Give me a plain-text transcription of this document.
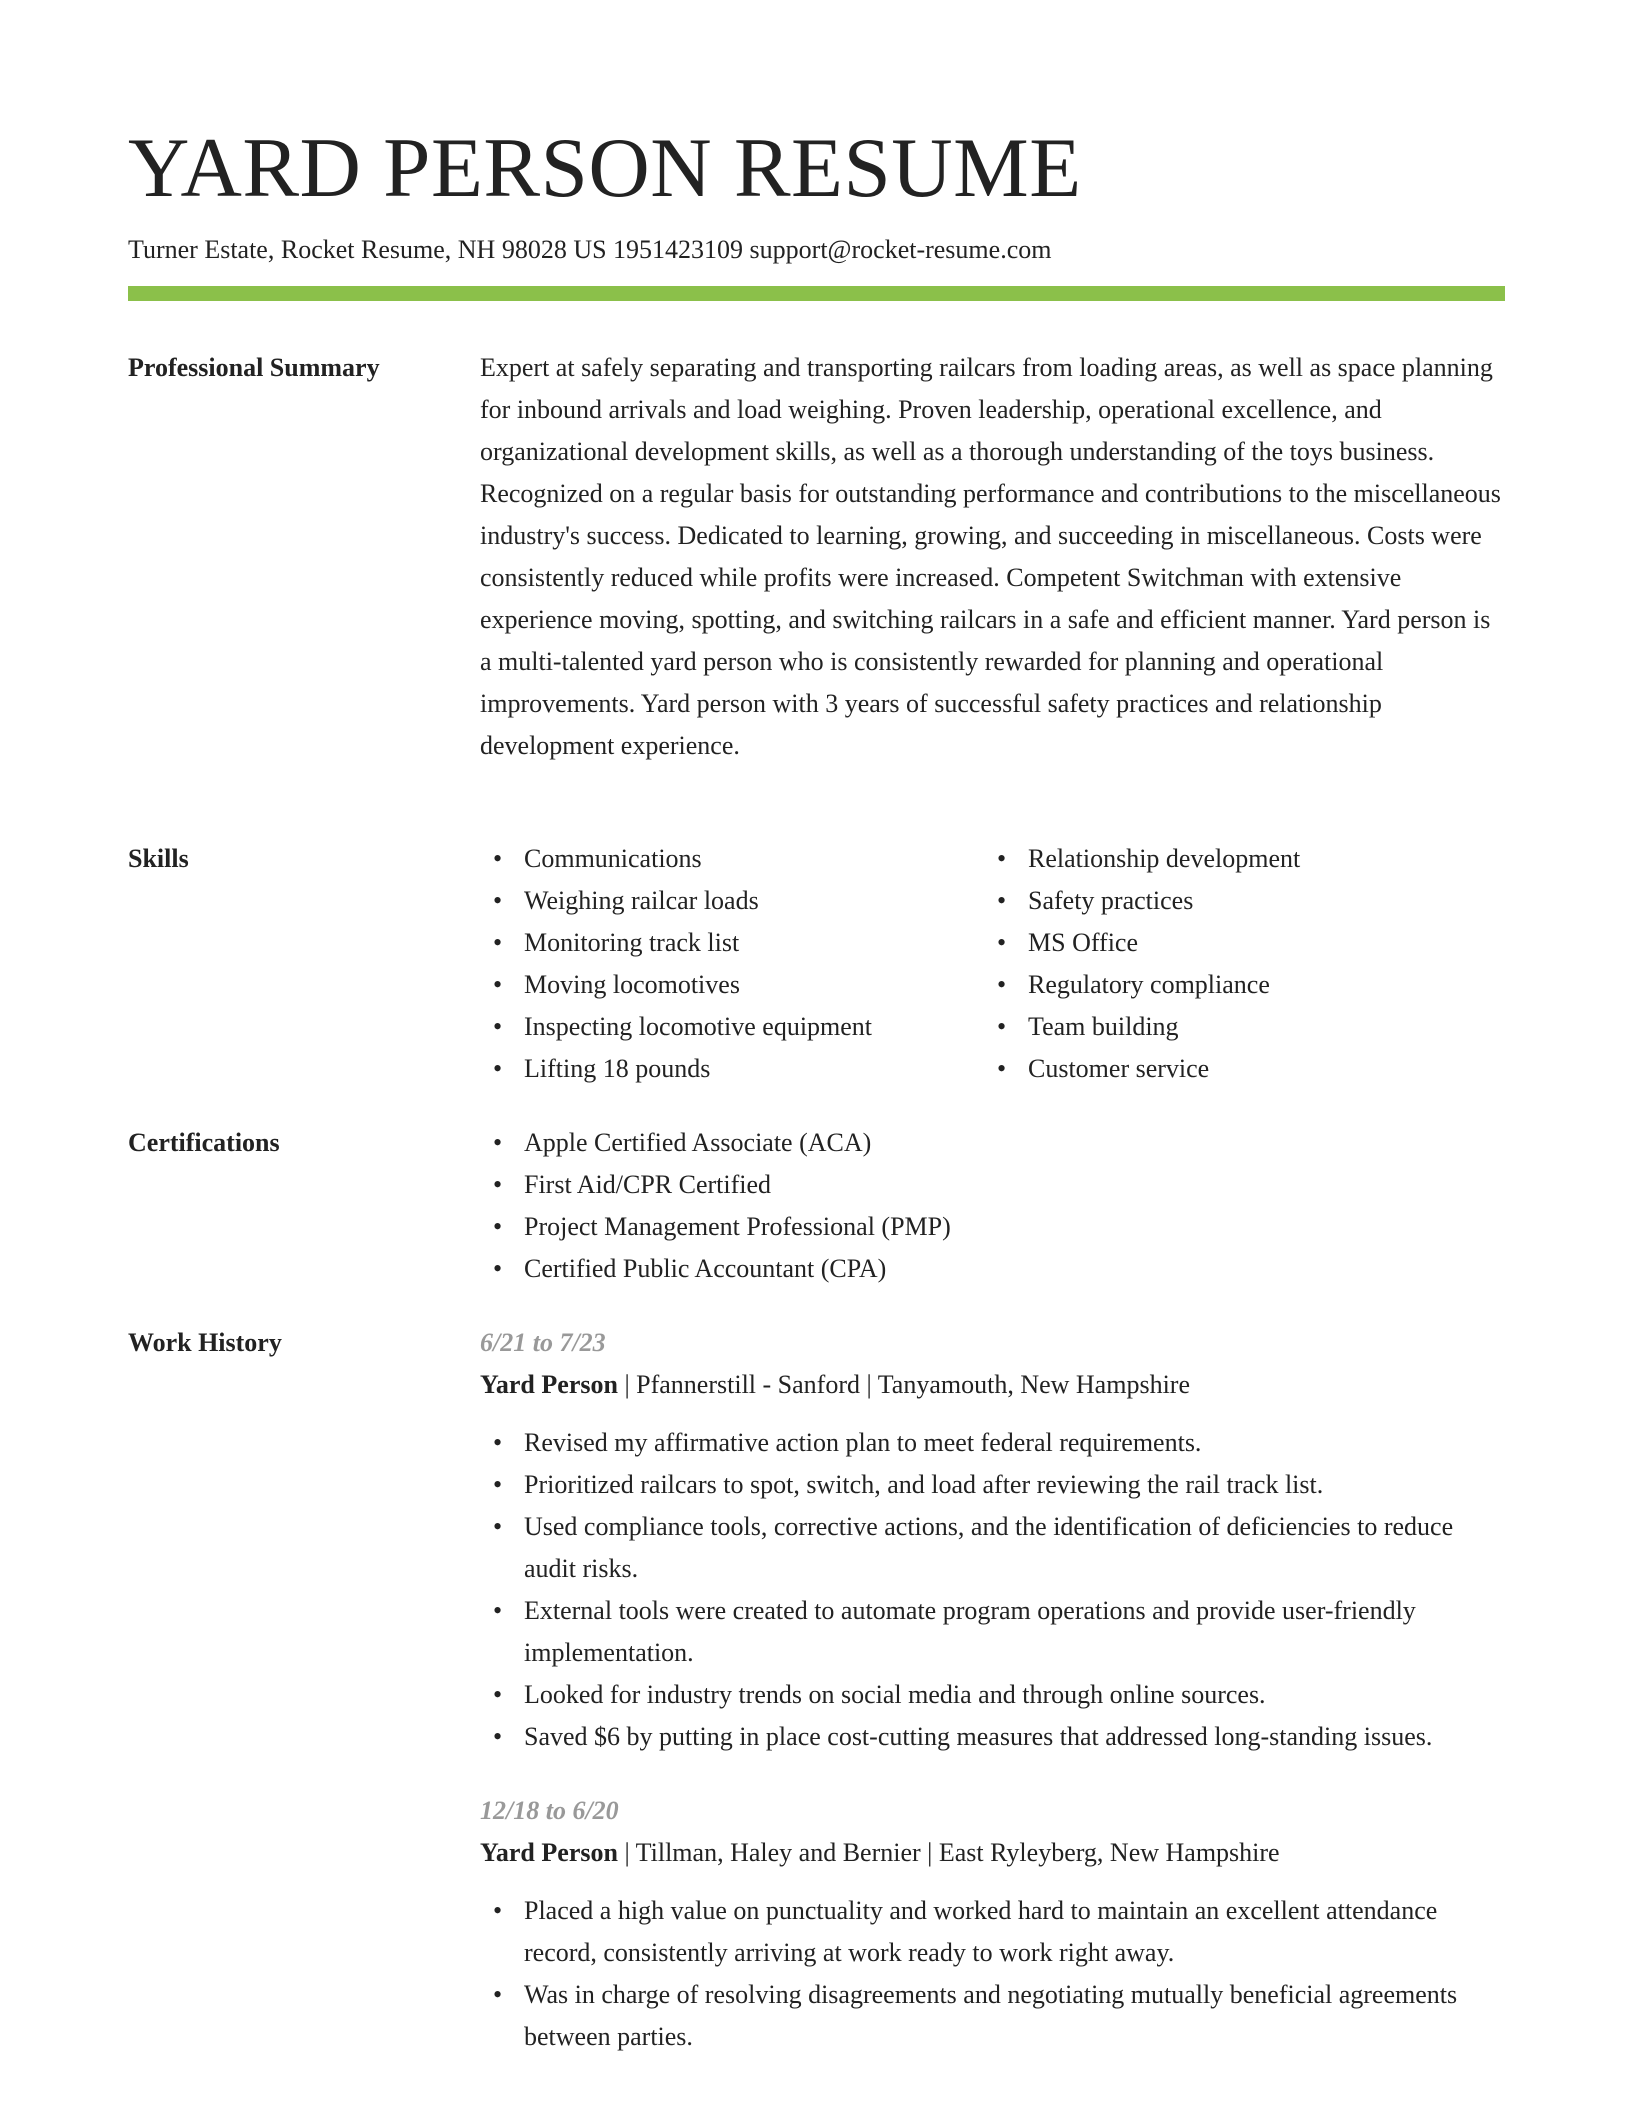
YARD PERSON RESUME
Turner Estate, Rocket Resume, NH 98028 US 1951423109 support@rocket-resume.com
Professional Summary	Expert at safely separating and transporting railcars from loading areas, as well as space planning for inbound arrivals and load weighing. Proven leadership, operational excellence, and organizational development skills, as well as a thorough understanding of the toys business. Recognized on a regular basis for outstanding performance and contributions to the miscellaneous industry's success. Dedicated to learning, growing, and succeeding in miscellaneous. Costs were consistently reduced while profits were increased. Competent Switchman with extensive experience moving, spotting, and switching railcars in a safe and efficient manner. Yard person is a multi-talented yard person who is consistently rewarded for planning and operational improvements. Yard person with 3 years of successful safety practices and relationship development experience.
Skills	• Communications
• Weighing railcar loads
• Monitoring track list
• Moving locomotives
• Inspecting locomotive equipment
• Lifting 18 pounds
• Relationship development
• Safety practices
• MS Office
• Regulatory compliance
• Team building
• Customer service
Certifications	• Apple Certified Associate (ACA)
• First Aid/CPR Certified
• Project Management Professional (PMP)
• Certified Public Accountant (CPA)
Work History	6/21 to 7/23
Yard Person | Pfannerstill - Sanford | Tanyamouth, New Hampshire
• Revised my affirmative action plan to meet federal requirements.
• Prioritized railcars to spot, switch, and load after reviewing the rail track list.
• Used compliance tools, corrective actions, and the identification of deficiencies to reduce audit risks.
• External tools were created to automate program operations and provide user-friendly implementation.
• Looked for industry trends on social media and through online sources.
• Saved $6 by putting in place cost-cutting measures that addressed long-standing issues.
12/18 to 6/20
Yard Person | Tillman, Haley and Bernier | East Ryleyberg, New Hampshire
• Placed a high value on punctuality and worked hard to maintain an excellent attendance record, consistently arriving at work ready to work right away.
• Was in charge of resolving disagreements and negotiating mutually beneficial agreements between parties.
